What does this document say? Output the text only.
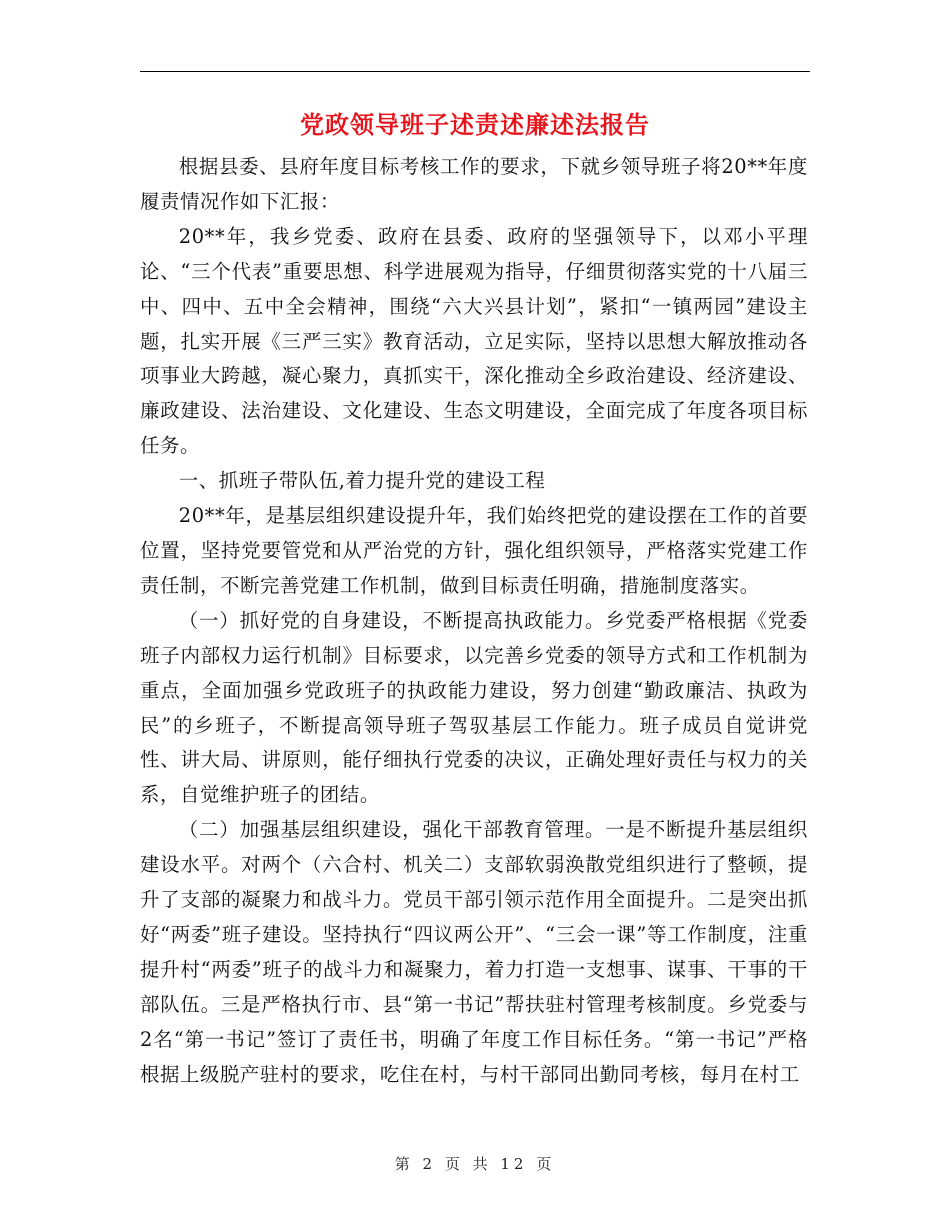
党政领导班子述责述廉述法报告

根据县委、县府年度目标考核工作的要求，下就乡领导班子将20**年度履责情况作如下汇报：

20**年，我乡党委、政府在县委、政府的坚强领导下，以邓小平理论、“三个代表”重要思想、科学进展观为指导，仔细贯彻落实党的十八届三中、四中、五中全会精神，围绕“六大兴县计划”，紧扣“一镇两园”建设主题，扎实开展《三严三实》教育活动，立足实际，坚持以思想大解放推动各项事业大跨越，凝心聚力，真抓实干，深化推动全乡政治建设、经济建设、廉政建设、法治建设、文化建设、生态文明建设，全面完成了年度各项目标任务。

一、抓班子带队伍,着力提升党的建设工程

20**年，是基层组织建设提升年，我们始终把党的建设摆在工作的首要位置，坚持党要管党和从严治党的方针，强化组织领导，严格落实党建工作责任制，不断完善党建工作机制，做到目标责任明确，措施制度落实。

（一）抓好党的自身建设，不断提高执政能力。乡党委严格根据《党委班子内部权力运行机制》目标要求，以完善乡党委的领导方式和工作机制为重点，全面加强乡党政班子的执政能力建设，努力创建“勤政廉洁、执政为民”的乡班子，不断提高领导班子驾驭基层工作能力。班子成员自觉讲党性、讲大局、讲原则，能仔细执行党委的决议，正确处理好责任与权力的关系，自觉维护班子的团结。

（二）加强基层组织建设，强化干部教育管理。一是不断提升基层组织建设水平。对两个（六合村、机关二）支部软弱涣散党组织进行了整顿，提升了支部的凝聚力和战斗力。党员干部引领示范作用全面提升。二是突出抓好“两委”班子建设。坚持执行“四议两公开”、“三会一课”等工作制度，注重提升村“两委”班子的战斗力和凝聚力，着力打造一支想事、谋事、干事的干部队伍。三是严格执行市、县“第一书记”帮扶驻村管理考核制度。乡党委与2名“第一书记”签订了责任书，明确了年度工作目标任务。“第一书记”严格根据上级脱产驻村的要求，吃住在村，与村干部同出勤同考核，每月在村工

第 2 页 共 12 页
